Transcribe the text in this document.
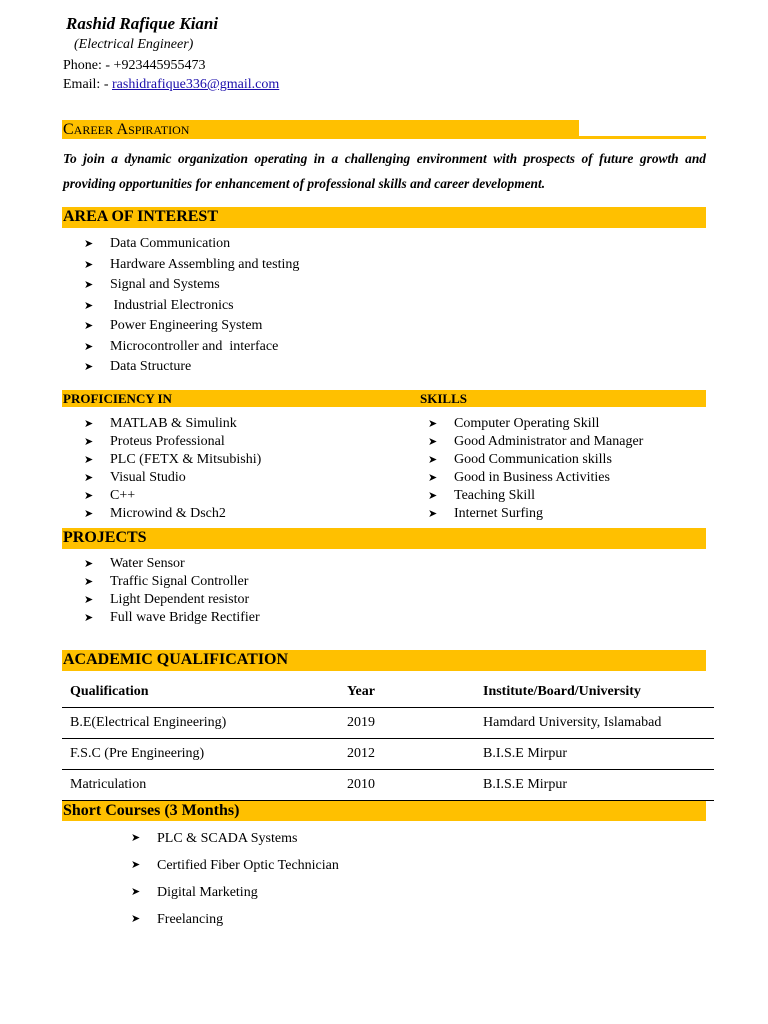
Rashid Rafique Kiani
(Electrical Engineer)
Phone: - +923445955473
Email: - rashidrafique336@gmail.com
CAREER ASPIRATION
To join a dynamic organization operating in a challenging environment with prospects of future growth and providing opportunities for enhancement of professional skills and career development.
AREA OF INTEREST
➤ Data Communication
➤ Hardware Assembling and testing
➤ Signal and Systems
➤ Industrial Electronics
➤ Power Engineering System
➤ Microcontroller and  interface
➤ Data Structure
PROFICIENCY IN	SKILLS
➤ MATLAB & Simulink
➤ Proteus Professional
➤ PLC (FETX & Mitsubishi)
➤ Visual Studio
➤ C++
➤ Microwind & Dsch2
➤ Computer Operating Skill
➤ Good Administrator and Manager
➤ Good Communication skills
➤ Good in Business Activities
➤ Teaching Skill
➤ Internet Surfing
PROJECTS
➤ Water Sensor
➤ Traffic Signal Controller
➤ Light Dependent resistor
➤ Full wave Bridge Rectifier
ACADEMIC QUALIFICATION
Qualification	Year	Institute/Board/University
B.E(Electrical Engineering)	2019	Hamdard University, Islamabad
F.S.C (Pre Engineering)	2012	B.I.S.E Mirpur
Matriculation	2010	B.I.S.E Mirpur
Short Courses (3 Months)
➤ PLC & SCADA Systems
➤ Certified Fiber Optic Technician
➤ Digital Marketing
➤ Freelancing
